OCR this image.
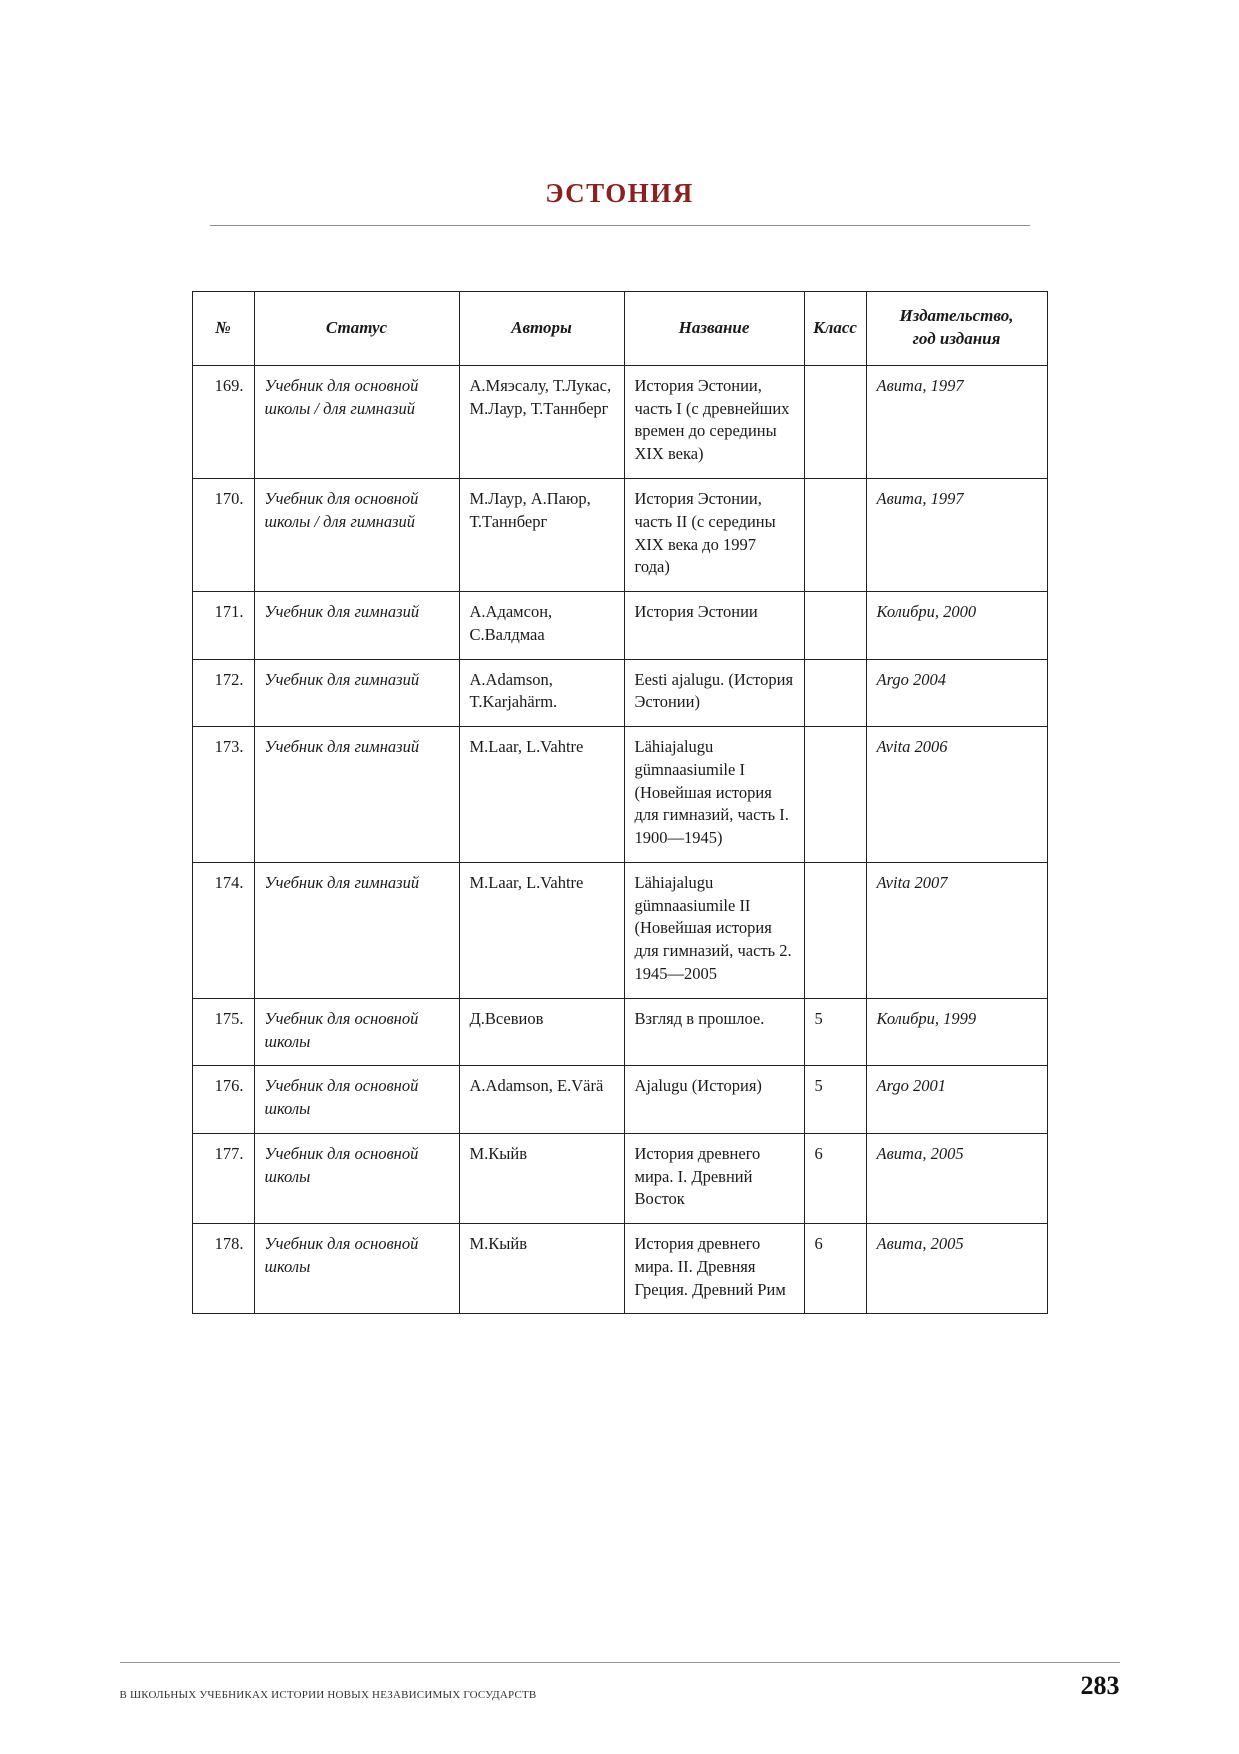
ЭСТОНИЯ
№	Статус	Авторы	Название	Класс	Издательство,
год издания

169.	Учебник для основной школы / для гимназий	А.Мяэсалу, Т.Лукас, М.Лаур, Т.Таннберг	История Эстонии, часть I (с древнейших времен до середины XIX века)		Авита, 1997
170.	Учебник для основной школы / для гимназий	М.Лаур, А.Паюр, Т.Таннберг	История Эстонии, часть II (с середины XIX века до 1997 года)		Авита, 1997
171.	Учебник для гимназий	А.Адамсон, С.Валдмаа	История Эстонии		Колибри, 2000
172.	Учебник для гимназий	A.Adamson, T.Karjahärm.	Eesti ajalugu. (История Эстонии)		Argo 2004
173.	Учебник для гимназий	M.Laar, L.Vahtre	Lähiajalugu gümnaasiumile I (Новейшая история для гимназий, часть I. 1900—1945)		Avita 2006
174.	Учебник для гимназий	M.Laar, L.Vahtre	Lähiajalugu gümnaasiumile II (Новейшая история для гимназий, часть 2. 1945—2005		Avita 2007
175.	Учебник для основной школы	Д.Всевиов	Взгляд в прошлое.	5	Колибри, 1999
176.	Учебник для основной школы	A.Adamson, E.Värä	Ajalugu (История)	5	Argo 2001
177.	Учебник для основной школы	М.Кыйв	История древнего мира. I. Древний Восток	6	Авита, 2005
178.	Учебник для основной школы	М.Кыйв	История древнего мира. II. Древняя Греция. Древний Рим	6	Авита, 2005
В ШКОЛЬНЫХ УЧЕБНИКАХ ИСТОРИИ НОВЫХ НЕЗАВИСИМЫХ ГОСУДАРСТВ	283
